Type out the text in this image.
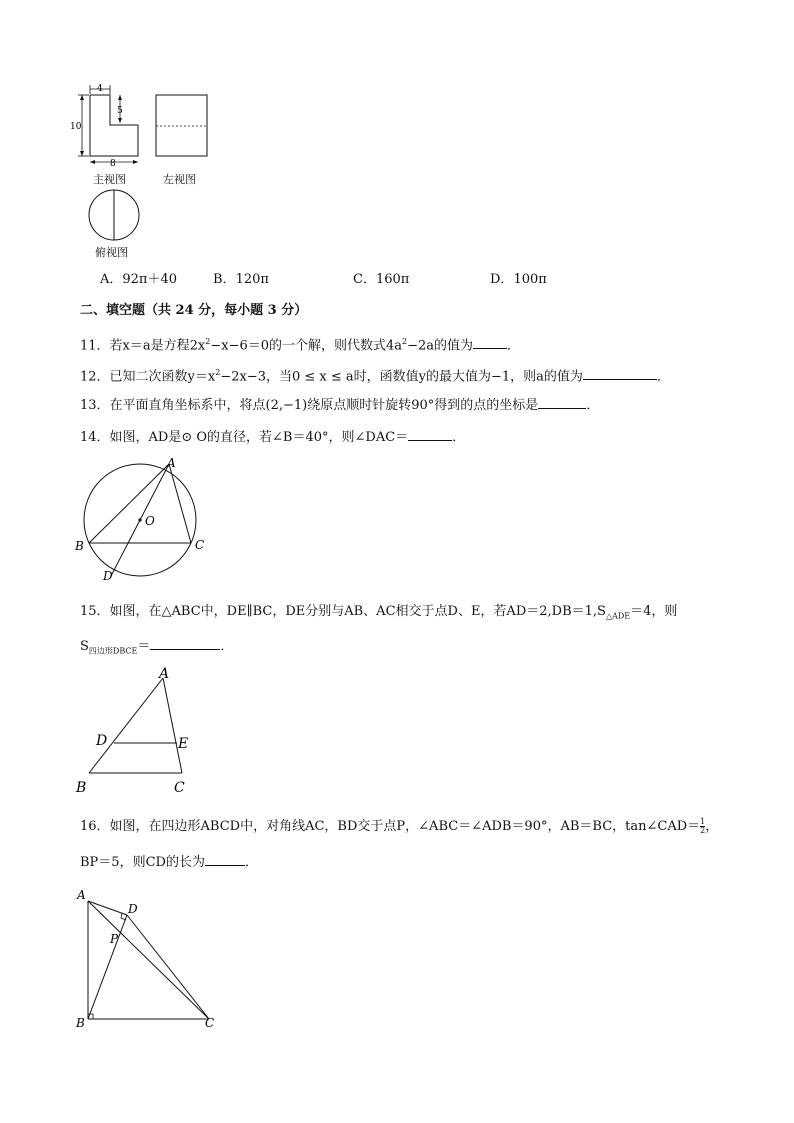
4
5
10
8
主视图	左视图
俯视图
A．92π＋40	B．120π	C．160π	D．100π
二、填空题（共 24 分，每小题 3 分）
11．若x＝a是方程$2x^2-x-6=0$的一个解，则代数式$4a^2-2a$的值为	．
12．已知二次函数$y=x^2-2x-3$，当0 ≤ x ≤ a时，函数值y的最大值为−1，则a的值为	．
13．在平面直角坐标系中，将点(2,−1)绕原点顺时针旋转90°得到的点的坐标是	．
14．如图，AD是⊙ O的直径，若∠B＝40°，则∠DAC＝	．
A
O
B	C
D
15．如图，在△ABC中，DE∥BC，DE分别与AB、AC相交于点D、E，若$AD=2,DB=1,S_{\triangle ADE}=4$，则
$S_{四边形DBCE}=$	．
A
D	E
B	C
16．如图，在四边形ABCD中，对角线AC，BD交于点P，∠ABC＝∠ADB＝90°，AB＝BC，tan∠CAD＝ $\frac{1}{2}$ ，
BP＝5，则CD的长为	．
A
D
P
B	C
